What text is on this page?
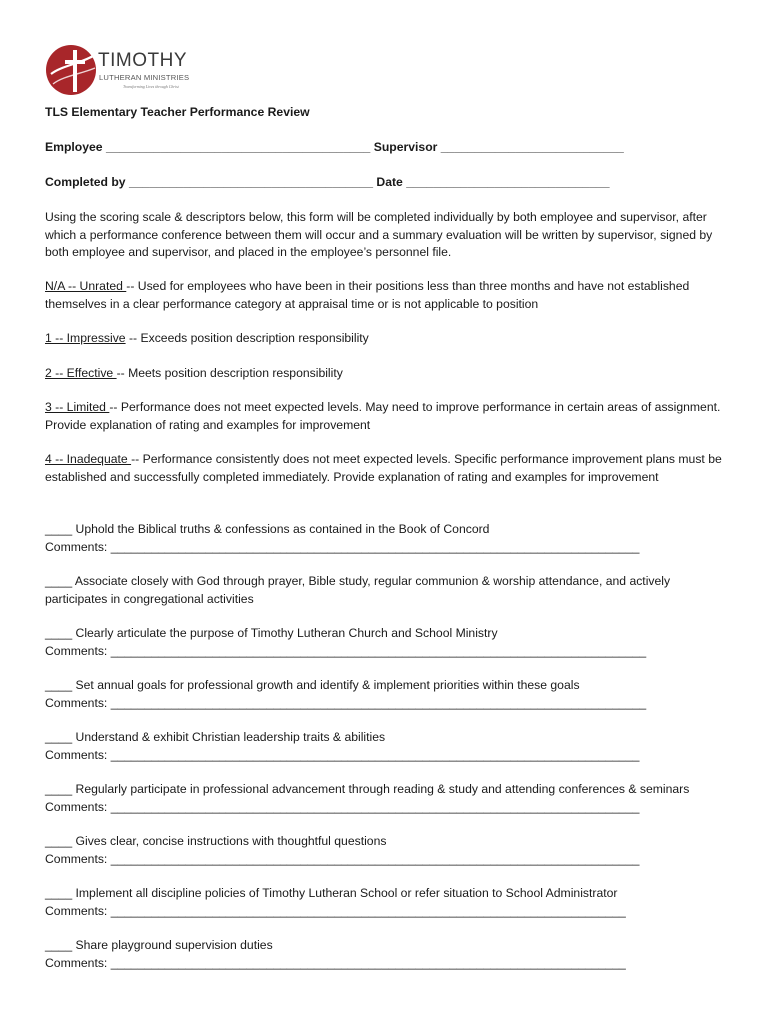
TIMOTHY
LUTHERAN MINISTRIES
Transforming Lives through Christ
TLS Elementary Teacher Performance Review
Employee _______________________________________ Supervisor ___________________________
Completed by ____________________________________ Date ______________________________
Using the scoring scale & descriptors below, this form will be completed individually by both employee and supervisor, after which a performance conference between them will occur and a summary evaluation will be written by supervisor, signed by both employee and supervisor, and placed in the employee’s personnel file.
N/A -- Unrated -- Used for employees who have been in their positions less than three months and have not established themselves in a clear performance category at appraisal time or is not applicable to position
1 -- Impressive -- Exceeds position description responsibility
2 -- Effective -- Meets position description responsibility
3 -- Limited -- Performance does not meet expected levels. May need to improve performance in certain areas of assignment. Provide explanation of rating and examples for improvement
4 -- Inadequate -- Performance consistently does not meet expected levels. Specific performance improvement plans must be established and successfully completed immediately. Provide explanation of rating and examples for improvement
____ Uphold the Biblical truths & confessions as contained in the Book of Concord
Comments: ______________________________________________________________________________
____ Associate closely with God through prayer, Bible study, regular communion & worship attendance, and actively participates in congregational activities
____ Clearly articulate the purpose of Timothy Lutheran Church and School Ministry
Comments: _______________________________________________________________________________
____ Set annual goals for professional growth and identify & implement priorities within these goals
Comments: _______________________________________________________________________________
____ Understand & exhibit Christian leadership traits & abilities
Comments: ______________________________________________________________________________
____ Regularly participate in professional advancement through reading & study and attending conferences & seminars
Comments: ______________________________________________________________________________
____ Gives clear, concise instructions with thoughtful questions
Comments: ______________________________________________________________________________
____ Implement all discipline policies of Timothy Lutheran School or refer situation to School Administrator
Comments: ____________________________________________________________________________
____ Share playground supervision duties
Comments: ____________________________________________________________________________
